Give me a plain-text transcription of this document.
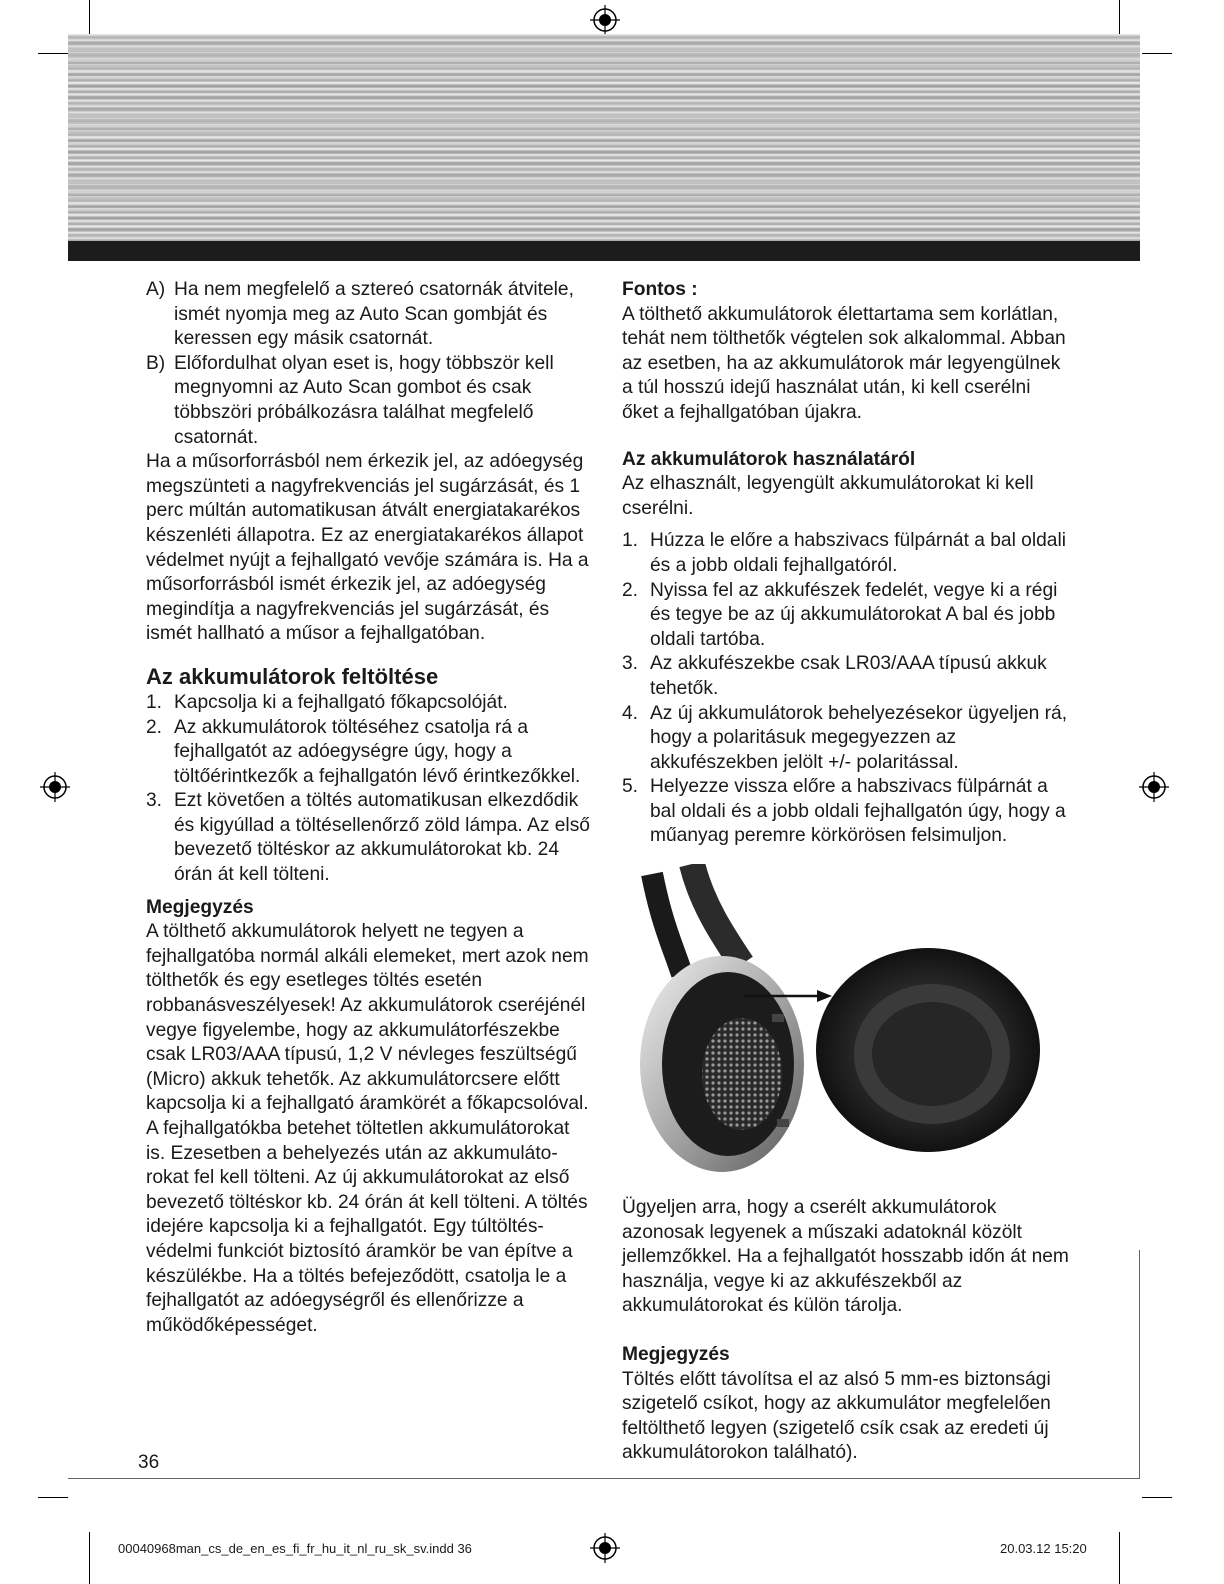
A) Ha nem megfelelő a sztereó csatornák átvitele, ismét nyomja meg az Auto Scan gombját és keressen egy másik csatornát.
B) Előfordulhat olyan eset is, hogy többször kell megnyomni az Auto Scan gombot és csak többszöri próbálkozásra találhat megfelelő csatornát.

Ha a műsorforrásból nem érkezik jel, az adóegység megszünteti a nagyfrekvenciás jel sugárzását, és 1 perc múltán automatikusan átvált energiatakarékos készenléti állapotra. Ez az energiatakarékos állapot védelmet nyújt a fejhallgató vevője számára is. Ha a műsorforrásból ismét érkezik jel, az adóegység megindítja a nagyfrekvenciás jel sugárzását, és ismét hallható a műsor a fejhallgatóban.

Az akkumulátorok feltöltése

1. Kapcsolja ki a fejhallgató főkapcsolóját.
2. Az akkumulátorok töltéséhez csatolja rá a fejhallgatót az adóegységre úgy, hogy a töltőérintkezők a fejhallgatón lévő érintkezőkkel.
3. Ezt követően a töltés automatikusan elkezdődik és kigyúllad a töltésellenőrző zöld lámpa. Az első bevezető töltéskor az akkumulátorokat kb. 24 órán át kell tölteni.

Megjegyzés

A tölthető akkumulátorok helyett ne tegyen a fejhallgatóba normál alkáli elemeket, mert azok nem tölthetők és egy esetleges töltés esetén robbanásveszélyesek! Az akkumulátorok cseréjénél vegye figyelembe, hogy az akkumulátorfészekbe csak LR03/AAA típusú, 1,2 V névleges feszültségű (Micro) akkuk tehetők. Az akkumulátorcsere előtt kapcsolja ki a fejhallgató áramkörét a főkapcsolóval. A fejhallgatókba betehet töltetlen akkumulátorokat is. Ezesetben a behelyezés után az akkumuláto-rokat fel kell tölteni. Az új akkumulátorokat az első bevezető töltéskor kb. 24 órán át kell tölteni. A töltés idejére kapcsolja ki a fejhallgatót. Egy túltöltés-védelmi funkciót biztosító áramkör be van építve a készülékbe. Ha a töltés befejeződött, csatolja le a fejhallgatót az adóegységről és ellenőrizze a működőképességet.

Fontos :

A tölthető akkumulátorok élettartama sem korlátlan, tehát nem tölthetők végtelen sok alkalommal. Abban az esetben, ha az akkumulátorok már legyengülnek a túl hosszú idejű használat után, ki kell cserélni őket a fejhallgatóban újakra.

Az akkumulátorok használatáról

Az elhasznált, legyengült akkumulátorokat ki kell cserélni.

1. Húzza le előre a habszivacs fülpárnát a bal oldali és a jobb oldali fejhallgatóról.
2. Nyissa fel az akkufészek fedelét, vegye ki a régi és tegye be az új akkumulátorokat A bal és jobb oldali tartóba.
3. Az akkufészekbe csak LR03/AAA típusú akkuk tehetők.
4. Az új akkumulátorok behelyezésekor ügyeljen rá, hogy a polaritásuk megegyezzen az akkufészekben jelölt +/- polaritással.
5. Helyezze vissza előre a habszivacs fülpárnát a bal oldali és a jobb oldali fejhallgatón úgy, hogy a műanyag peremre körkörösen felsimuljon.
36
00040968man_cs_de_en_es_fi_fr_hu_it_nl_ru_sk_sv.indd 36	20.03.12 15:20

Ügyeljen arra, hogy a cserélt akkumulátorok azonosak legyenek a műszaki adatoknál közölt jellemzőkkel. Ha a fejhallgatót hosszabb időn át nem használja, vegye ki az akkufészekből az akkumulátorokat és külön tárolja.

Megjegyzés

Töltés előtt távolítsa el az alsó 5 mm-es biztonsági szigetelő csíkot, hogy az akkumulátor megfelelően feltölthető legyen (szigetelő csík csak az eredeti új akkumulátorokon található).
